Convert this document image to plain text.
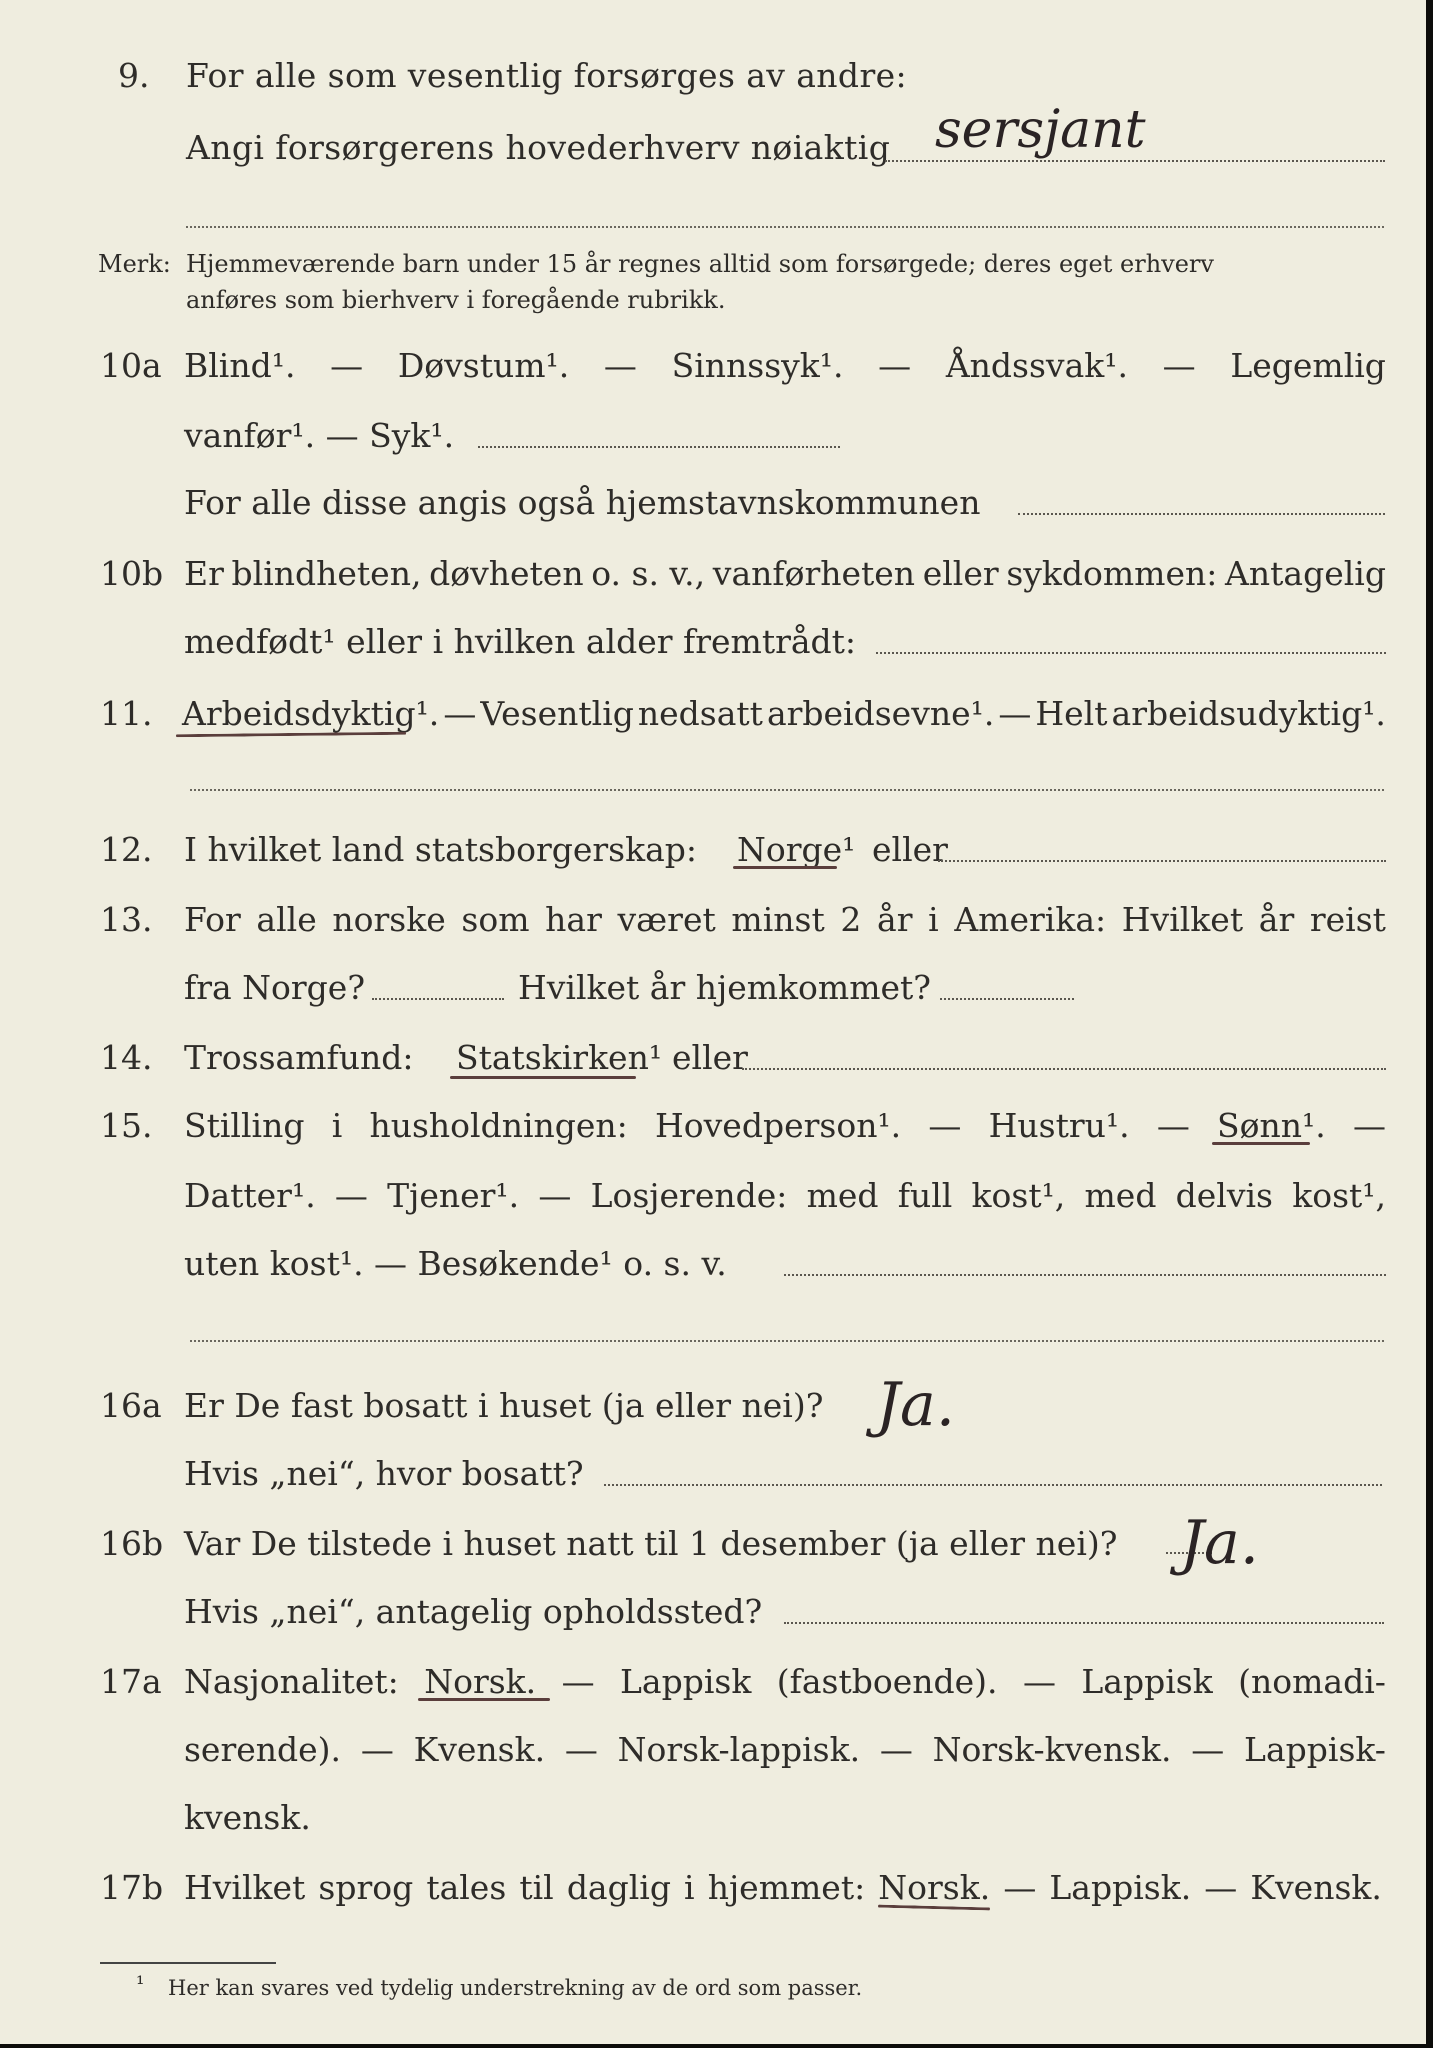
9. For alle som vesentlig forsørges av andre:
Angi forsørgerens hovederhverv nøiaktig sersjant
Merk: Hjemmeværende barn under 15 år regnes alltid som forsørgede; deres eget erhverv
anføres som bierhverv i foregående rubrikk.
10a Blind¹. — Døvstum¹. — Sinnssyk¹. — Åndssvak¹. — Legemlig
vanfør¹. — Syk¹.
For alle disse angis også hjemstavnskommunen
10b Er blindheten, døvheten o. s. v., vanførheten eller sykdommen: Antagelig
medfødt¹ eller i hvilken alder fremtrådt:
11. Arbeidsdyktig¹. — Vesentlig nedsatt arbeidsevne¹. — Helt arbeidsudyktig¹.
12. I hvilket land statsborgerskap: Norge¹ eller
13. For alle norske som har været minst 2 år i Amerika: Hvilket år reist
fra Norge?	Hvilket år hjemkommet?
14. Trossamfund: Statskirken¹ eller
15. Stilling i husholdningen: Hovedperson¹. — Hustru¹. — Sønn¹. —
Datter¹. — Tjener¹. — Losjerende: med full kost¹, med delvis kost¹,
uten kost¹. — Besøkende¹ o. s. v.
16a Er De fast bosatt i huset (ja eller nei)? Ja.
Hvis „nei“, hvor bosatt?
16b Var De tilstede i huset natt til 1 desember (ja eller nei)? Ja.
Hvis „nei“, antagelig opholdssted?
17a Nasjonalitet: Norsk. — Lappisk (fastboende). — Lappisk (nomadi-
serende). — Kvensk. — Norsk-lappisk. — Norsk-kvensk. — Lappisk-
kvensk.
17b Hvilket sprog tales til daglig i hjemmet: Norsk. — Lappisk. — Kvensk.
¹ Her kan svares ved tydelig understrekning av de ord som passer.
